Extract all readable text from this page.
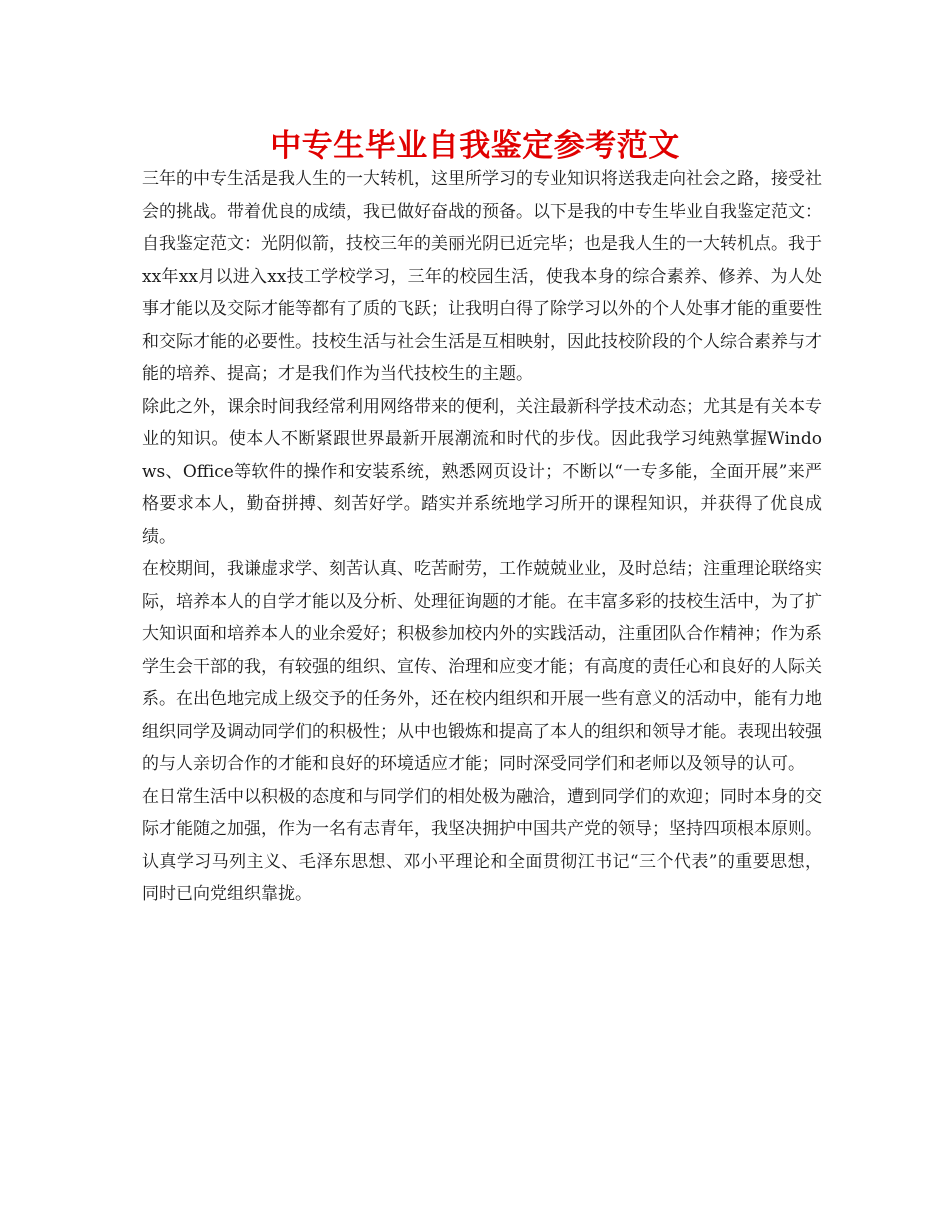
中专生毕业自我鉴定参考范文

三年的中专生活是我人生的一大转机，这里所学习的专业知识将送我走向社会之路，接受社会的挑战。带着优良的成绩，我已做好奋战的预备。以下是我的中专生毕业自我鉴定范文：

自我鉴定范文：光阴似箭，技校三年的美丽光阴已近完毕；也是我人生的一大转机点。我于xx年xx月以进入xx技工学校学习，三年的校园生活，使我本身的综合素养、修养、为人处事才能以及交际才能等都有了质的飞跃；让我明白得了除学习以外的个人处事才能的重要性和交际才能的必要性。技校生活与社会生活是互相映射，因此技校阶段的个人综合素养与才能的培养、提高；才是我们作为当代技校生的主题。

除此之外，课余时间我经常利用网络带来的便利，关注最新科学技术动态；尤其是有关本专业的知识。使本人不断紧跟世界最新开展潮流和时代的步伐。因此我学习纯熟掌握Windows、Office等软件的操作和安装系统，熟悉网页设计；不断以“一专多能，全面开展”来严格要求本人，勤奋拼搏、刻苦好学。踏实并系统地学习所开的课程知识，并获得了优良成绩。

在校期间，我谦虚求学、刻苦认真、吃苦耐劳，工作兢兢业业，及时总结；注重理论联络实际，培养本人的自学才能以及分析、处理征询题的才能。在丰富多彩的技校生活中，为了扩大知识面和培养本人的业余爱好；积极参加校内外的实践活动，注重团队合作精神；作为系学生会干部的我，有较强的组织、宣传、治理和应变才能；有高度的责任心和良好的人际关系。在出色地完成上级交予的任务外，还在校内组织和开展一些有意义的活动中，能有力地组织同学及调动同学们的积极性；从中也锻炼和提高了本人的组织和领导才能。表现出较强的与人亲切合作的才能和良好的环境适应才能；同时深受同学们和老师以及领导的认可。

在日常生活中以积极的态度和与同学们的相处极为融洽，遭到同学们的欢迎；同时本身的交际才能随之加强，作为一名有志青年，我坚决拥护中国共产党的领导；坚持四项根本原则。认真学习马列主义、毛泽东思想、邓小平理论和全面贯彻江书记“三个代表”的重要思想，同时已向党组织靠拢。
